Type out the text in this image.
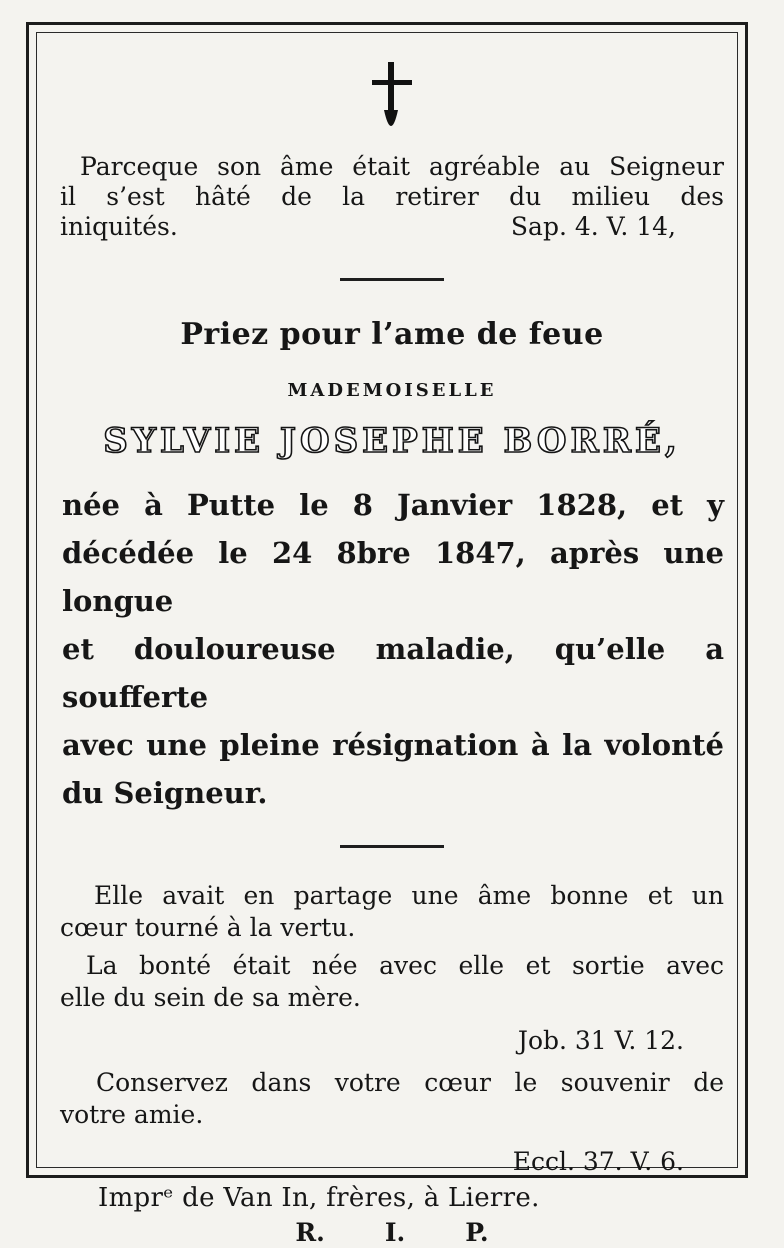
Parceque son âme était agréable au Seigneur
il s’est hâté de la retirer du milieu des
iniquités.	Sap. 4. V. 14,
Priez pour l’ame de feue
MADEMOISELLE
SYLVIE JOSEPHE BORRÉ,
née à Putte le 8 Janvier 1828, et y
décédée le 24 8bre 1847, après une longue
et douloureuse maladie, qu’elle a soufferte
avec une pleine résignation à la volonté
du Seigneur.
Elle avait en partage une âme bonne et un
cœur tourné à la vertu.
La bonté était née avec elle et sortie avec
elle du sein de sa mère.
Job. 31 V. 12.
Conservez dans votre cœur le souvenir de
votre amie.
Eccl. 37. V. 6.
R. I. P.
Imprᵉ de Van In, frères, à Lierre.
